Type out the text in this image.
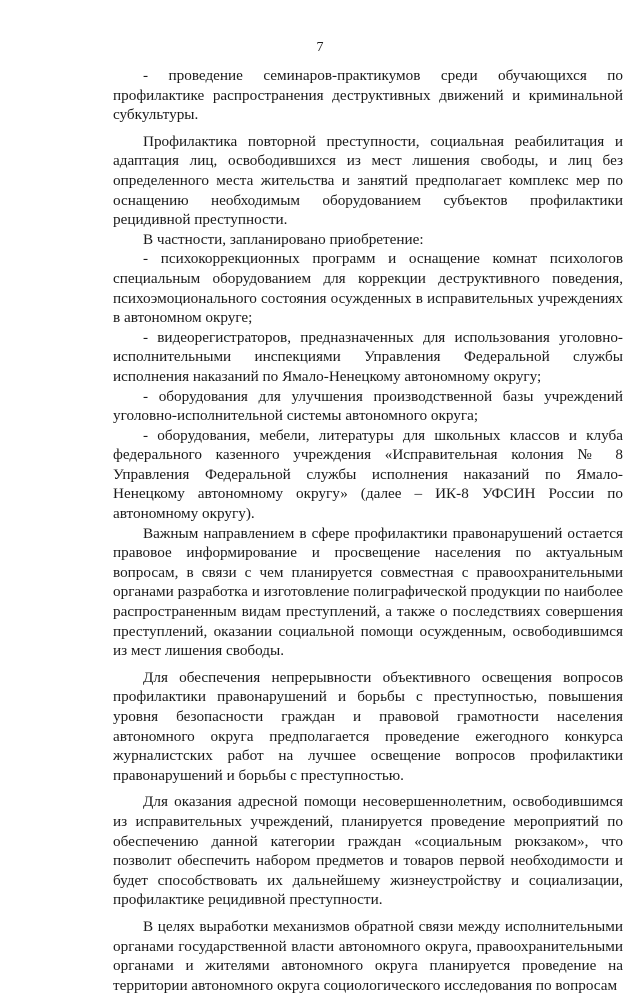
7

- проведение семинаров-практикумов среди обучающихся по профилактике распространения деструктивных движений и криминальной субкультуры.

Профилактика повторной преступности, социальная реабилитация и адаптация лиц, освободившихся из мест лишения свободы, и лиц без определенного места жительства и занятий предполагает комплекс мер по оснащению необходимым оборудованием субъектов профилактики рецидивной преступности.

В частности, запланировано приобретение:

- психокоррекционных программ и оснащение комнат психологов специальным оборудованием для коррекции деструктивного поведения, психоэмоционального состояния осужденных в исправительных учреждениях в автономном округе;

- видеорегистраторов, предназначенных для использования уголовно-исполнительными инспекциями Управления Федеральной службы исполнения наказаний по Ямало-Ненецкому автономному округу;

- оборудования для улучшения производственной базы учреждений уголовно-исполнительной системы автономного округа;

- оборудования, мебели, литературы для школьных классов и клуба федерального казенного учреждения «Исправительная колония № 8 Управления Федеральной службы исполнения наказаний по Ямало-Ненецкому автономному округу» (далее – ИК-8 УФСИН России по автономному округу).

Важным направлением в сфере профилактики правонарушений остается правовое информирование и просвещение населения по актуальным вопросам, в связи с чем планируется совместная с правоохранительными органами разработка и изготовление полиграфической продукции по наиболее распространенным видам преступлений, а также о последствиях совершения преступлений, оказании социальной помощи осужденным, освободившимся из мест лишения свободы.

Для обеспечения непрерывности объективного освещения вопросов профилактики правонарушений и борьбы с преступностью, повышения уровня безопасности граждан и правовой грамотности населения автономного округа предполагается проведение ежегодного конкурса журналистских работ на лучшее освещение вопросов профилактики правонарушений и борьбы с преступностью.

Для оказания адресной помощи несовершеннолетним, освободившимся из исправительных учреждений, планируется проведение мероприятий по обеспечению данной категории граждан «социальным рюкзаком», что позволит обеспечить набором предметов и товаров первой необходимости и будет способствовать их дальнейшему жизнеустройству и социализации, профилактике рецидивной преступности.

В целях выработки механизмов обратной связи между исполнительными органами государственной власти автономного округа, правоохранительными органами и жителями автономного округа планируется проведение на территории автономного округа социологического исследования по вопросам
